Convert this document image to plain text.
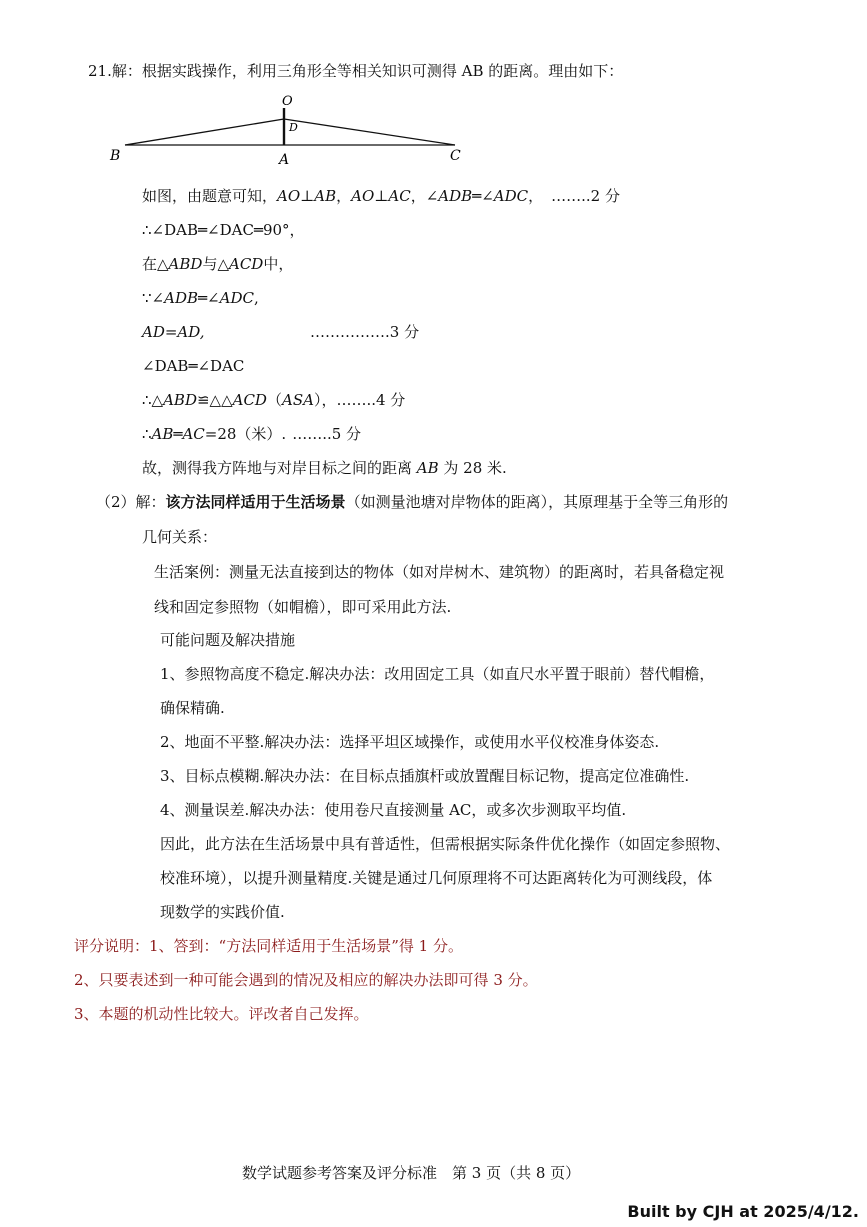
21.解：根据实践操作，利用三角形全等相关知识可测得 AB 的距离。理由如下：
O
D
B	A	C
如图，由题意可知，AO⊥AB，AO⊥AC，∠ADB═∠ADC， ……..2 分
∴∠DAB═∠DAC═90°，
在△ABD与△ACD中，
∵∠ADB═∠ADC,
AD=AD,	…………….3 分
∠DAB═∠DAC
∴△ABD≌△△ACD（ASA），……..4 分
∴AB═AC=28（米）. ……..5 分
故，测得我方阵地与对岸目标之间的距离 AB 为 28 米.
（2）解：该方法同样适用于生活场景（如测量池塘对岸物体的距离），其原理基于全等三角形的
几何关系：
生活案例：测量无法直接到达的物体（如对岸树木、建筑物）的距离时，若具备稳定视
线和固定参照物（如帽檐），即可采用此方法.
可能问题及解决措施
1、参照物高度不稳定.解决办法：改用固定工具（如直尺水平置于眼前）替代帽檐，
确保精确.
2、地面不平整.解决办法：选择平坦区域操作，或使用水平仪校准身体姿态.
3、目标点模糊.解决办法：在目标点插旗杆或放置醒目标记物，提高定位准确性.
4、测量误差.解决办法：使用卷尺直接测量 AC，或多次步测取平均值.
因此，此方法在生活场景中具有普适性，但需根据实际条件优化操作（如固定参照物、
校准环境），以提升测量精度.关键是通过几何原理将不可达距离转化为可测线段，体
现数学的实践价值.
评分说明：1、答到：“方法同样适用于生活场景”得 1 分。
2、只要表述到一种可能会遇到的情况及相应的解决办法即可得 3 分。
3、本题的机动性比较大。评改者自己发挥。
数学试题参考答案及评分标准　第 3 页（共 8 页）
Built by CJH at 2025/4/12.
